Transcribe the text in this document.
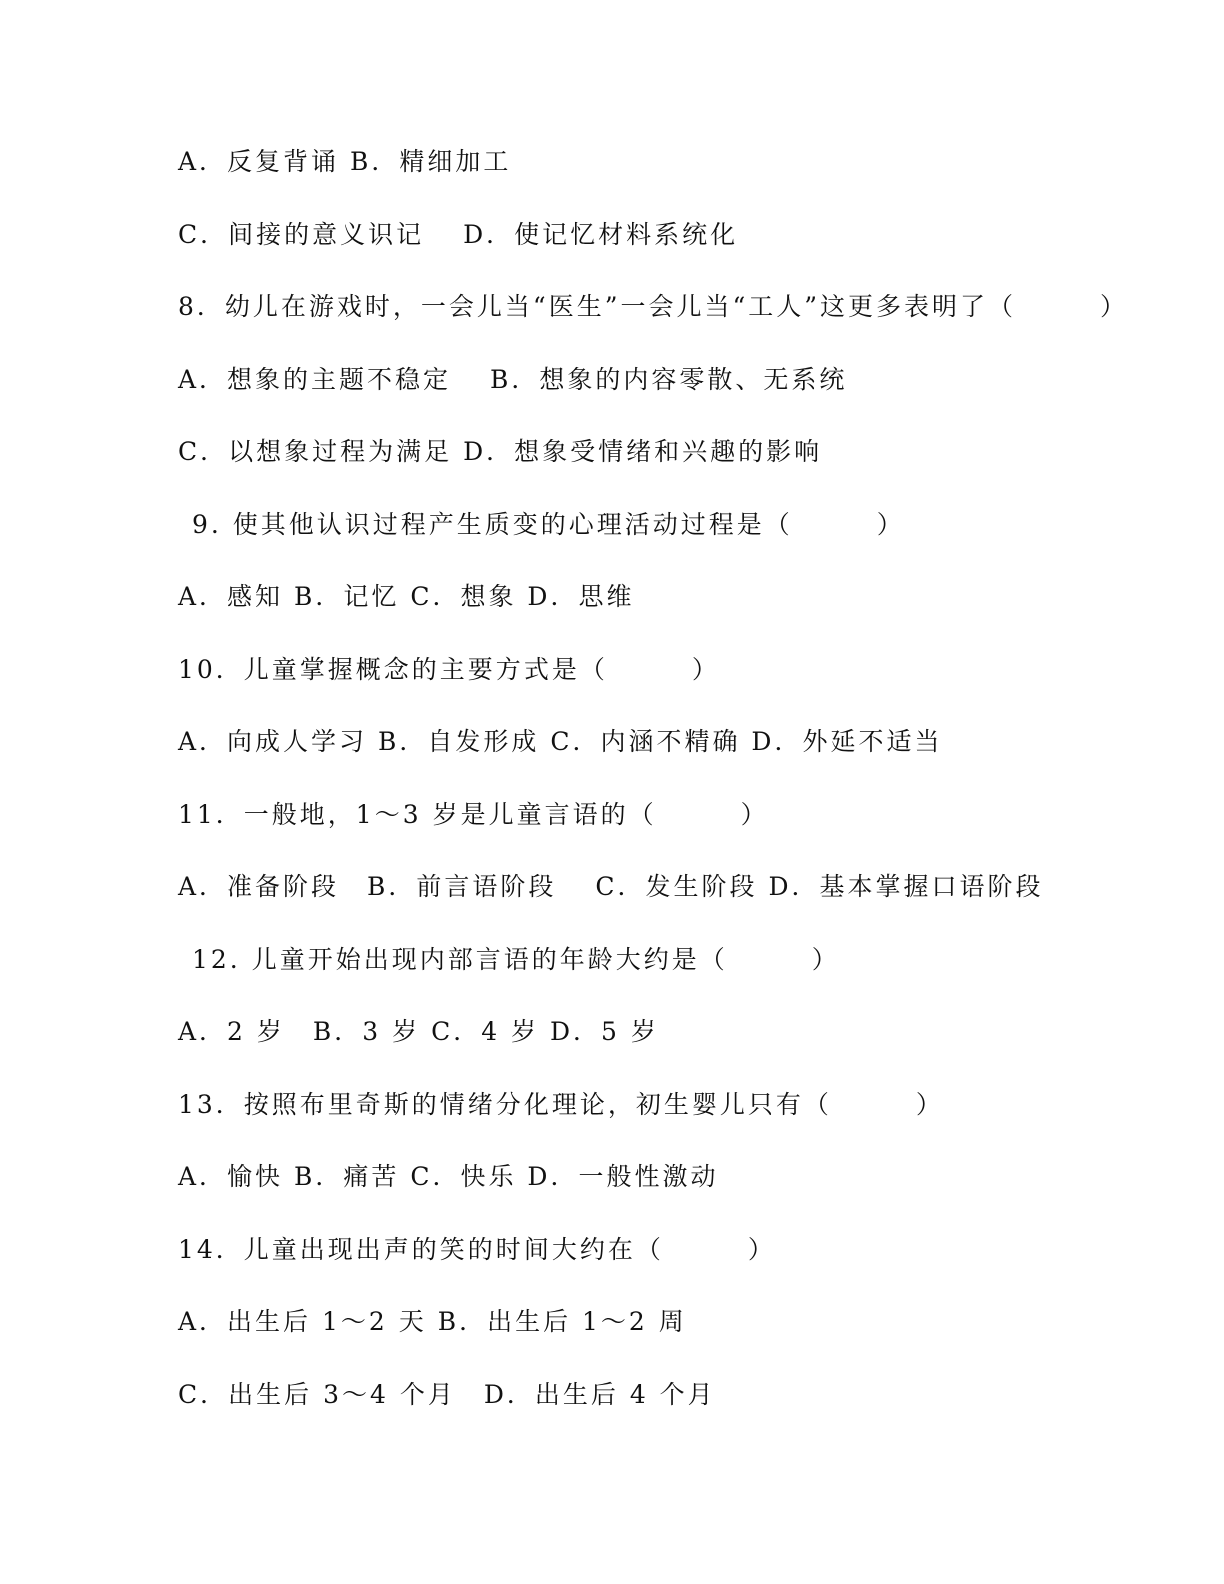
A．反复背诵 B．精细加工
C．间接的意义识记　 D．使记忆材料系统化
8．幼儿在游戏时，一会儿当“医生”一会儿当“工人”这更多表明了（　　　）
A．想象的主题不稳定　 B．想象的内容零散、无系统
C．以想象过程为满足 D．想象受情绪和兴趣的影响
9. 使其他认识过程产生质变的心理活动过程是（　　　）
A．感知 B．记忆 C．想象 D．思维
10．儿童掌握概念的主要方式是（　　　）
A．向成人学习 B．自发形成 C．内涵不精确 D．外延不适当
11．一般地，1～3 岁是儿童言语的（　　　）
A．准备阶段　B．前言语阶段　 C．发生阶段 D．基本掌握口语阶段
12. 儿童开始出现内部言语的年龄大约是（　　　）
A．2 岁　B．3 岁 C．4 岁 D．5 岁
13．按照布里奇斯的情绪分化理论，初生婴儿只有（　　　）
A．愉快 B．痛苦 C．快乐 D．一般性激动
14．儿童出现出声的笑的时间大约在（　　　）
A．出生后 1～2 天 B．出生后 1～2 周
C．出生后 3～4 个月　D．出生后 4 个月
